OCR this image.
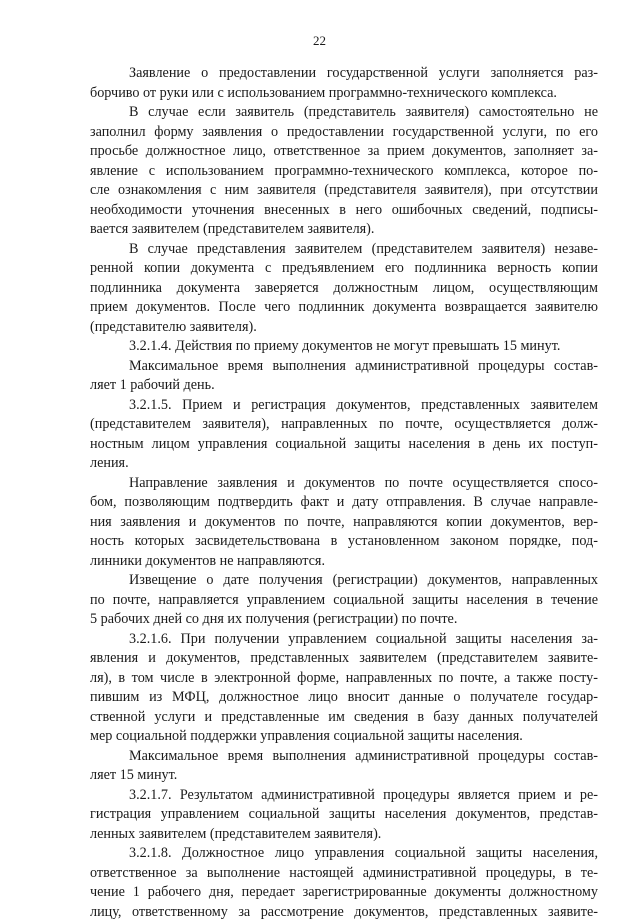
22
Заявление о предоставлении государственной услуги заполняется раз-
борчиво от руки или с использованием программно-технического комплекса.
В случае если заявитель (представитель заявителя) самостоятельно не
заполнил форму заявления о предоставлении государственной услуги, по его
просьбе должностное лицо, ответственное за прием документов, заполняет за-
явление с использованием программно-технического комплекса, которое по-
сле ознакомления с ним заявителя (представителя заявителя), при отсутствии
необходимости уточнения внесенных в него ошибочных сведений, подписы-
вается заявителем (представителем заявителя).
В случае представления заявителем (представителем заявителя) незаве-
ренной копии документа с предъявлением его подлинника верность копии
подлинника документа заверяется должностным лицом, осуществляющим
прием документов. После чего подлинник документа возвращается заявителю
(представителю заявителя).
3.2.1.4. Действия по приему документов не могут превышать 15 минут.
Максимальное время выполнения административной процедуры состав-
ляет 1 рабочий день.
3.2.1.5. Прием и регистрация документов, представленных заявителем
(представителем заявителя), направленных по почте, осуществляется долж-
ностным лицом управления социальной защиты населения в день их поступ-
ления.
Направление заявления и документов по почте осуществляется спосо-
бом, позволяющим подтвердить факт и дату отправления. В случае направле-
ния заявления и документов по почте, направляются копии документов, вер-
ность которых засвидетельствована в установленном законом порядке, под-
линники документов не направляются.
Извещение о дате получения (регистрации) документов, направленных
по почте, направляется управлением социальной защиты населения в течение
5 рабочих дней со дня их получения (регистрации) по почте.
3.2.1.6. При получении управлением социальной защиты населения за-
явления и документов, представленных заявителем (представителем заявите-
ля), в том числе в электронной форме, направленных по почте, а также посту-
пившим из МФЦ, должностное лицо вносит данные о получателе государ-
ственной услуги и представленные им сведения в базу данных получателей
мер социальной поддержки управления социальной защиты населения.
Максимальное время выполнения административной процедуры состав-
ляет 15 минут.
3.2.1.7. Результатом административной процедуры является прием и ре-
гистрация управлением социальной защиты населения документов, представ-
ленных заявителем (представителем заявителя).
3.2.1.8. Должностное лицо управления социальной защиты населения,
ответственное за выполнение настоящей административной процедуры, в те-
чение 1 рабочего дня, передает зарегистрированные документы должностному
лицу, ответственному за рассмотрение документов, представленных заявите-
